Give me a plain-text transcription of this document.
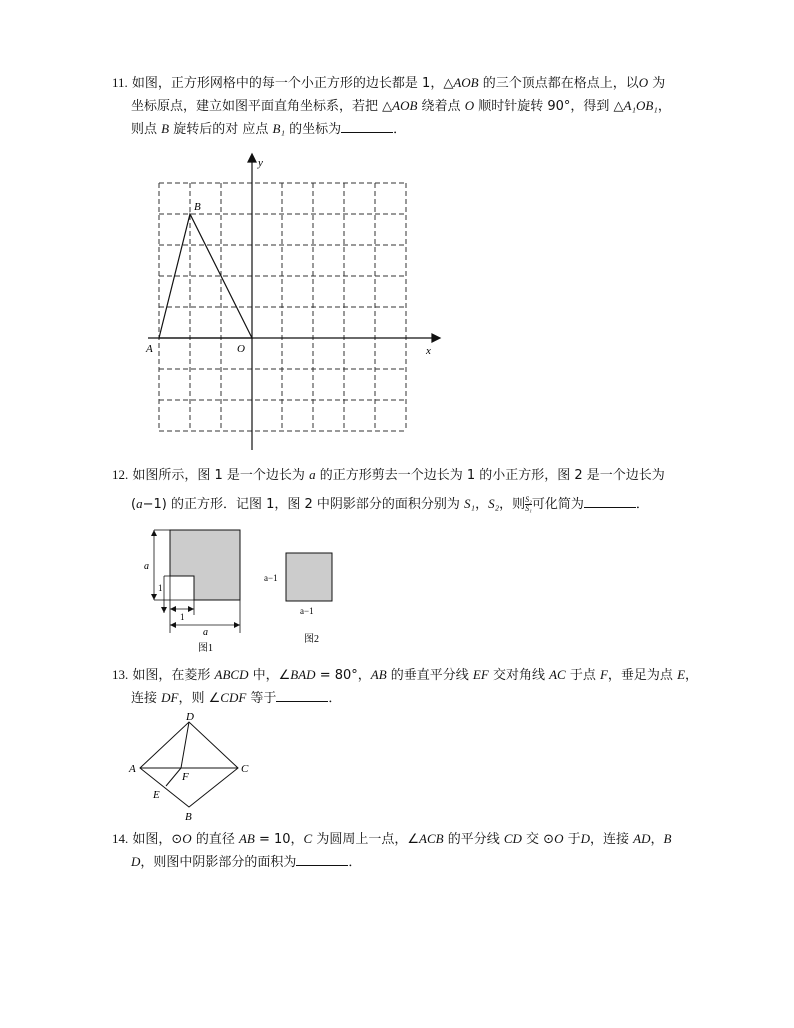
11. 如图，正方形网格中的每一个小正方形的边长都是 1，△AOB 的三个顶点都在格点上，以O 为
坐标原点，建立如图平面直角坐标系，若把 △AOB 绕着点 O 顺时针旋转 90°，得到 △A₁OB₁，
则点 B 旋转后的对 应点 B₁ 的坐标为	．
B
A	O	x
y
12. 如图所示，图 1 是一个边长为 a 的正方形剪去一个边长为 1 的小正方形，图 2 是一个边长为
(a−1) 的正方形．记图 1，图 2 中阴影部分的面积分别为 S₁，S₂，则 $\frac{\text{S₂}}{\text{S₁}}$ 可化简为	．
a
1
1
a
图1
a−1
a−1
图2
13. 如图，在菱形 ABCD 中，∠BAD = 80°，AB 的垂直平分线 EF 交对角线 AC 于点 F，垂足为点 E，
连接 DF，则 ∠CDF 等于	．
D
A	C
F
E
B
14. 如图，⊙O 的直径 AB = 10，C 为圆周上一点，∠ACB 的平分线 CD 交 ⊙O 于D，连接 AD，B
D，则图中阴影部分的面积为	．
